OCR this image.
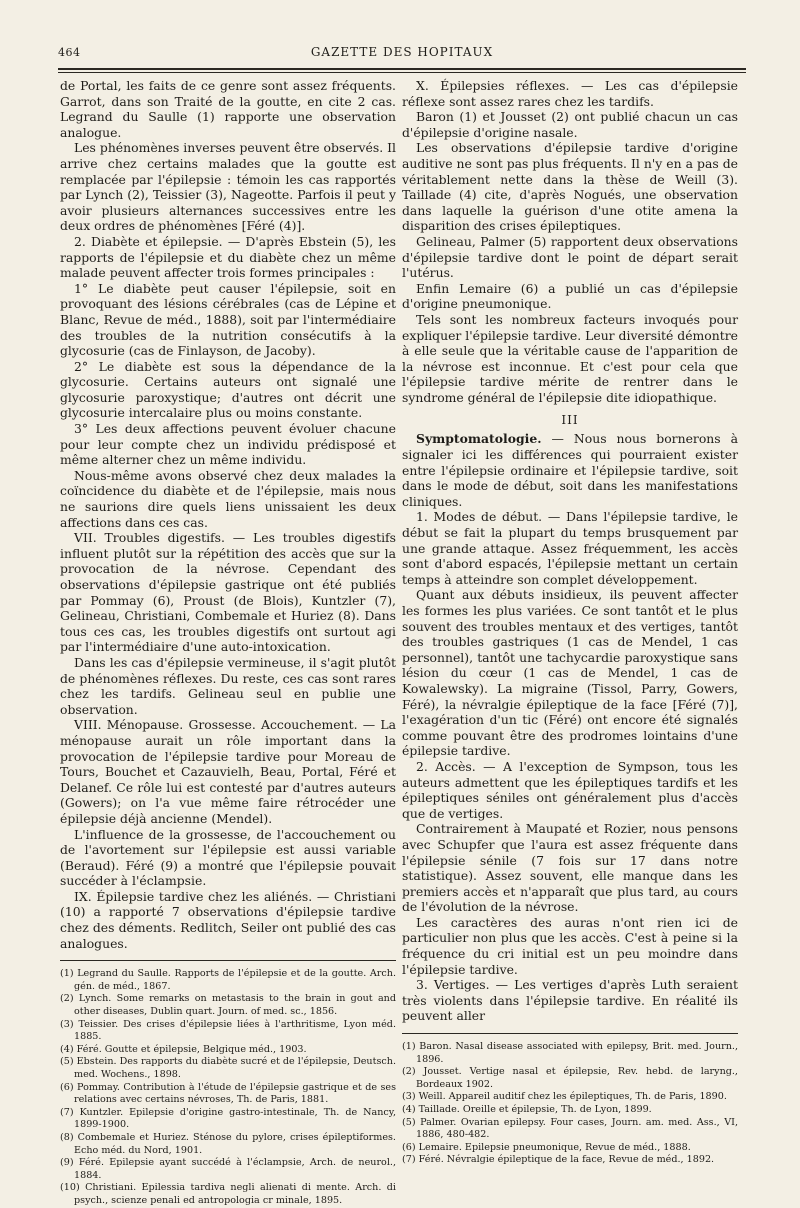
464	GAZETTE DES HOPITAUX

de Portal, les faits de ce genre sont assez fréquents. Garrot, dans son Traité de la goutte, en cite 2 cas. Legrand du Saulle (1) rapporte une observation analogue.

Les phénomènes inverses peuvent être observés. Il arrive chez certains malades que la goutte est remplacée par l'épilepsie : témoin les cas rapportés par Lynch (2), Teissier (3), Nageotte. Parfois il peut y avoir plusieurs alternances successives entre les deux ordres de phénomènes [Féré (4)].

2. Diabète et épilepsie. — D'après Ebstein (5), les rapports de l'épilepsie et du diabète chez un même malade peuvent affecter trois formes principales :

1° Le diabète peut causer l'épilepsie, soit en provoquant des lésions cérébrales (cas de Lépine et Blanc, Revue de méd., 1888), soit par l'intermédiaire des troubles de la nutrition consécutifs à la glycosurie (cas de Finlayson, de Jacoby).

2° Le diabète est sous la dépendance de la glycosurie. Certains auteurs ont signalé une glycosurie paroxystique; d'autres ont décrit une glycosurie intercalaire plus ou moins constante.

3° Les deux affections peuvent évoluer chacune pour leur compte chez un individu prédisposé et même alterner chez un même individu.

Nous-même avons observé chez deux malades la coïncidence du diabète et de l'épilepsie, mais nous ne saurions dire quels liens unissaient les deux affections dans ces cas.

VII. Troubles digestifs. — Les troubles digestifs influent plutôt sur la répétition des accès que sur la provocation de la névrose. Cependant des observations d'épilepsie gastrique ont été publiés par Pommay (6), Proust (de Blois), Kuntzler (7), Gelineau, Christiani, Combemale et Huriez (8). Dans tous ces cas, les troubles digestifs ont surtout agi par l'intermédiaire d'une auto-intoxication.

Dans les cas d'épilepsie vermineuse, il s'agit plutôt de phénomènes réflexes. Du reste, ces cas sont rares chez les tardifs. Gelineau seul en publie une observation.

VIII. Ménopause. Grossesse. Accouchement. — La ménopause aurait un rôle important dans la provocation de l'épilepsie tardive pour Moreau de Tours, Bouchet et Cazauvielh, Beau, Portal, Féré et Delanef. Ce rôle lui est contesté par d'autres auteurs (Gowers); on l'a vue même faire rétrocéder une épilepsie déjà ancienne (Mendel).

L'influence de la grossesse, de l'accouchement ou de l'avortement sur l'épilepsie est aussi variable (Beraud). Féré (9) a montré que l'épilepsie pouvait succéder à l'éclampsie.

IX. Épilepsie tardive chez les aliénés. — Christiani (10) a rapporté 7 observations d'épilepsie tardive chez des déments. Redlitch, Seiler ont publié des cas analogues.

(1) Legrand du Saulle. Rapports de l'épilepsie et de la goutte. Arch. gén. de méd., 1867.

(2) Lynch. Some remarks on metastasis to the brain in gout and other diseases, Dublin quart. Journ. of med. sc., 1856.

(3) Teissier. Des crises d'épilepsie liées à l'arthritisme, Lyon méd. 1885.

(4) Féré. Goutte et épilepsie, Belgique méd., 1903.

(5) Ebstein. Des rapports du diabète sucré et de l'épilepsie, Deutsch. med. Wochens., 1898.

(6) Pommay. Contribution à l'étude de l'épilepsie gastrique et de ses relations avec certains névroses, Th. de Paris, 1881.

(7) Kuntzler. Epilepsie d'origine gastro-intestinale, Th. de Nancy, 1899-1900.

(8) Combemale et Huriez. Sténose du pylore, crises épileptiformes. Echo méd. du Nord, 1901.

(9) Féré. Epilepsie ayant succédé à l'éclampsie, Arch. de neurol., 1884.

(10) Christiani. Epilessia tardiva negli alienati di mente. Arch. di psych., scienze penali ed antropologia cr minale, 1895.

X. Épilepsies réflexes. — Les cas d'épilepsie réflexe sont assez rares chez les tardifs.

Baron (1) et Jousset (2) ont publié chacun un cas d'épilepsie d'origine nasale.

Les observations d'épilepsie tardive d'origine auditive ne sont pas plus fréquents. Il n'y en a pas de véritablement nette dans la thèse de Weill (3). Taillade (4) cite, d'après Nogués, une observation dans laquelle la guérison d'une otite amena la disparition des crises épileptiques.

Gelineau, Palmer (5) rapportent deux observations d'épilepsie tardive dont le point de départ serait l'utérus.

Enfin Lemaire (6) a publié un cas d'épilepsie d'origine pneumonique.

Tels sont les nombreux facteurs invoqués pour expliquer l'épilepsie tardive. Leur diversité démontre à elle seule que la véritable cause de l'apparition de la névrose est inconnue. Et c'est pour cela que l'épilepsie tardive mérite de rentrer dans le syndrome général de l'épilepsie dite idiopathique.

III

Symptomatologie. — Nous nous bornerons à signaler ici les différences qui pourraient exister entre l'épilepsie ordinaire et l'épilepsie tardive, soit dans le mode de début, soit dans les manifestations cliniques.

1. Modes de début. — Dans l'épilepsie tardive, le début se fait la plupart du temps brusquement par une grande attaque. Assez fréquemment, les accès sont d'abord espacés, l'épilepsie mettant un certain temps à atteindre son complet développement.

Quant aux débuts insidieux, ils peuvent affecter les formes les plus variées. Ce sont tantôt et le plus souvent des troubles mentaux et des vertiges, tantôt des troubles gastriques (1 cas de Mendel, 1 cas personnel), tantôt une tachycardie paroxystique sans lésion du cœur (1 cas de Mendel, 1 cas de Kowalewsky). La migraine (Tissol, Parry, Gowers, Féré), la névralgie épileptique de la face [Féré (7)], l'exagération d'un tic (Féré) ont encore été signalés comme pouvant être des prodromes lointains d'une épilepsie tardive.

2. Accès. — A l'exception de Sympson, tous les auteurs admettent que les épileptiques tardifs et les épileptiques séniles ont généralement plus d'accès que de vertiges.

Contrairement à Maupaté et Rozier, nous pensons avec Schupfer que l'aura est assez fréquente dans l'épilepsie sénile (7 fois sur 17 dans notre statistique). Assez souvent, elle manque dans les premiers accès et n'apparaît que plus tard, au cours de l'évolution de la névrose.

Les caractères des auras n'ont rien ici de particulier non plus que les accès. C'est à peine si la fréquence du cri initial est un peu moindre dans l'épilepsie tardive.

3. Vertiges. — Les vertiges d'après Luth seraient très violents dans l'épilepsie tardive. En réalité ils peuvent aller

(1) Baron. Nasal disease associated with epilepsy, Brit. med. Journ., 1896.

(2) Jousset. Vertige nasal et épilepsie, Rev. hebd. de laryng., Bordeaux 1902.

(3) Weill. Appareil auditif chez les épileptiques, Th. de Paris, 1890.

(4) Taillade. Oreille et épilepsie, Th. de Lyon, 1899.

(5) Palmer. Ovarian epilepsy. Four cases, Journ. am. med. Ass., VI, 1886, 480-482.

(6) Lemaire. Epilepsie pneumonique, Revue de méd., 1888.

(7) Féré. Névralgie épileptique de la face, Revue de méd., 1892.
